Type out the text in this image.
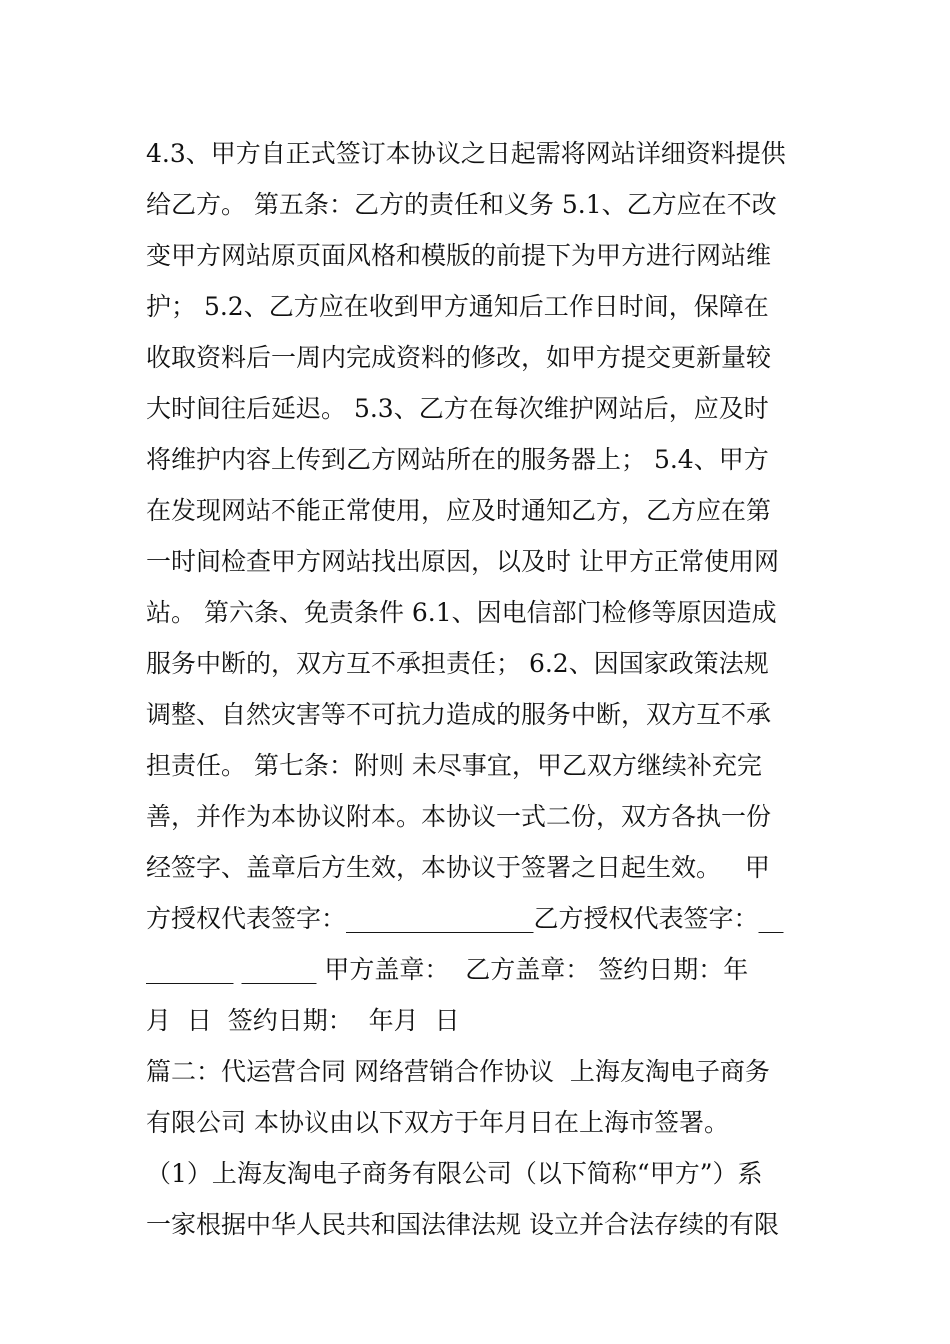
4.3、甲方自正式签订本协议之日起需将网站详细资料提供
给乙方。 第五条：乙方的责任和义务 5.1、乙方应在不改
变甲方网站原页面风格和模版的前提下为甲方进行网站维
护； 5.2、乙方应在收到甲方通知后工作日时间，保障在
收取资料后一周内完成资料的修改，如甲方提交更新量较
大时间往后延迟。 5.3、乙方在每次维护网站后，应及时
将维护内容上传到乙方网站所在的服务器上； 5.4、甲方
在发现网站不能正常使用，应及时通知乙方，乙方应在第
一时间检查甲方网站找出原因，以及时 让甲方正常使用网
站。 第六条、免责条件 6.1、因电信部门检修等原因造成
服务中断的，双方互不承担责任； 6.2、因国家政策法规
调整、自然灾害等不可抗力造成的服务中断，双方互不承
担责任。 第七条：附则 未尽事宜，甲乙双方继续补充完
善，并作为本协议附本。本协议一式二份，双方各执一份
经签字、盖章后方生效，本协议于签署之日起生效。   甲
方授权代表签字：_______________乙方授权代表签字：__
_______ ______ 甲方盖章：  乙方盖章： 签约日期：年
月  日  签约日期：  年月  日
篇二：代运营合同 网络营销合作协议  上海友淘电子商务
有限公司 本协议由以下双方于年月日在上海市签署。
（1）上海友淘电子商务有限公司（以下简称“甲方”）系
一家根据中华人民共和国法律法规 设立并合法存续的有限
